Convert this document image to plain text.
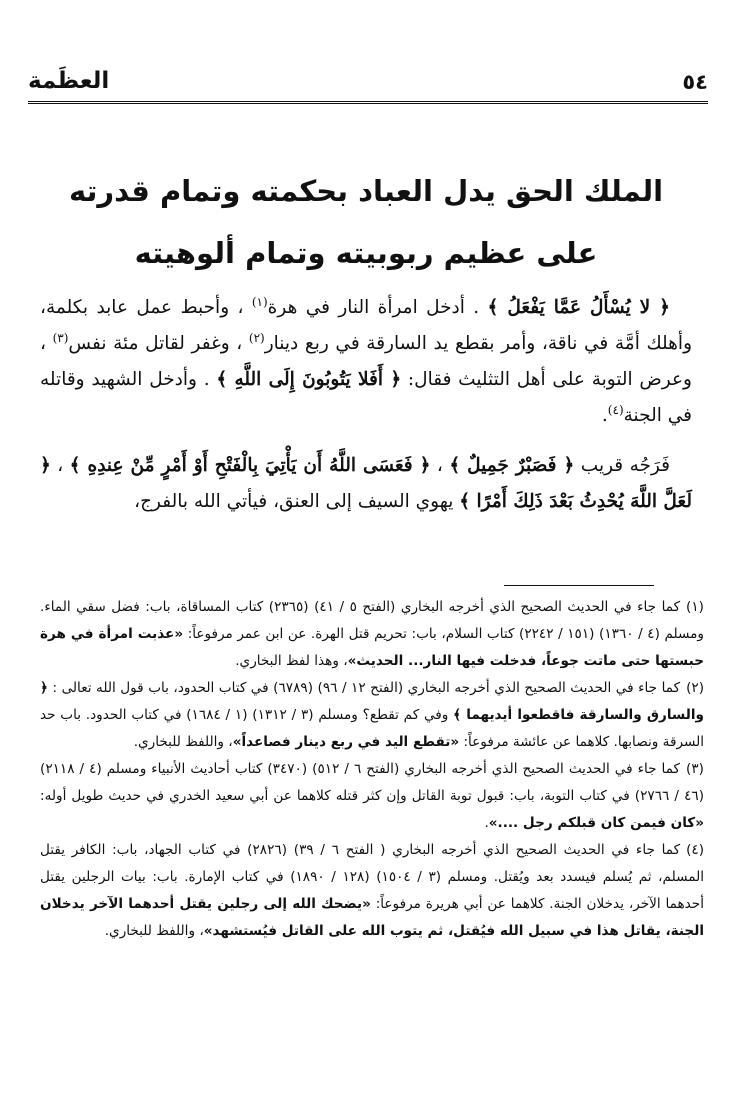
٥٤
العظَمة
الملك الحق يدل العباد بحكمته وتمام قدرته
على عظيم ربوبيته وتمام ألوهيته

﴿ لا يُسْأَلُ عَمَّا يَفْعَلُ ﴾ . أدخل امرأة النار في هرة$^{(١)}$ ، وأحبط عمل عابد بكلمة، وأهلك أمَّة في ناقة، وأمر بقطع يد السارقة في ربع دينار$^{(٢)}$ ، وغفر لقاتل مئة نفس$^{(٣)}$ ، وعرض التوبة على أهل التثليث فقال: ﴿ أَفَلا يَتُوبُونَ إِلَى اللَّهِ ﴾ . وأدخل الشهيد وقاتله في الجنة$^{(٤)}$.

فَرَجُه قريب ﴿ فَصَبْرٌ جَمِيلٌ ﴾ ، ﴿ فَعَسَى اللَّهُ أَن يَأْتِيَ بِالْفَتْحِ أَوْ أَمْرٍ مِّنْ عِندِهِ ﴾ ، ﴿ لَعَلَّ اللَّهَ يُحْدِثُ بَعْدَ ذَلِكَ أَمْرًا ﴾ يهوي السيف إلى العنق، فيأتي الله بالفرج،

(١)كما جاء في الحديث الصحيح الذي أخرجه البخاري (الفتح ٥ / ٤١) (٢٣٦٥) كتاب المساقاة، باب: فضل سقي الماء. ومسلم (٤ / ١٣٦٠) (١٥١ / ٢٢٤٢) كتاب السلام، باب: تحريم قتل الهرة. عن ابن عمر مرفوعاً: «عذبت امرأة في هرة حبستها حتى ماتت جوعاً، فدخلت فيها النار... الحديث»، وهذا لفظ البخاري.

(٢)كما جاء في الحديث الصحيح الذي أخرجه البخاري (الفتح ١٢ / ٩٦) (٦٧٨٩) في كتاب الحدود، باب قول الله تعالى : ﴿ والسارق والسارقة فاقطعوا أيديهما ﴾ وفي كم تقطع؟ ومسلم (٣ / ١٣١٢) (١ / ١٦٨٤) في كتاب الحدود. باب حد السرقة ونصابها. كلاهما عن عائشة مرفوعاً: «تقطع اليد في ربع دينار فصاعداً»، واللفظ للبخاري.

(٣)كما جاء في الحديث الصحيح الذي أخرجه البخاري (الفتح ٦ / ٥١٢) (٣٤٧٠) كتاب أحاديث الأنبياء ومسلم (٤ / ٢١١٨) (٤٦ / ٢٧٦٦) في كتاب التوبة، باب: قبول توبة القاتل وإن كثر قتله كلاهما عن أبي سعيد الخدري في حديث طويل أوله: «كان فيمن كان قبلكم رجل ....».

(٤)كما جاء في الحديث الصحيح الذي أخرجه البخاري ( الفتح ٦ / ٣٩) (٢٨٢٦) في كتاب الجهاد، باب: الكافر يقتل المسلم، ثم يُسلم فيسدد بعد ويُقتل. ومسلم (٣ / ١٥٠٤) (١٢٨ / ١٨٩٠) في كتاب الإمارة. باب: بيات الرجلين يقتل أحدهما الآخر، يدخلان الجنة. كلاهما عن أبي هريرة مرفوعاً: «يضحك الله إلى رجلين يقتل أحدهما الآخر يدخلان الجنة، يقاتل هذا في سبيل الله فيُقتل، ثم يتوب الله على القاتل فيُستشهد»، واللفظ للبخاري.
